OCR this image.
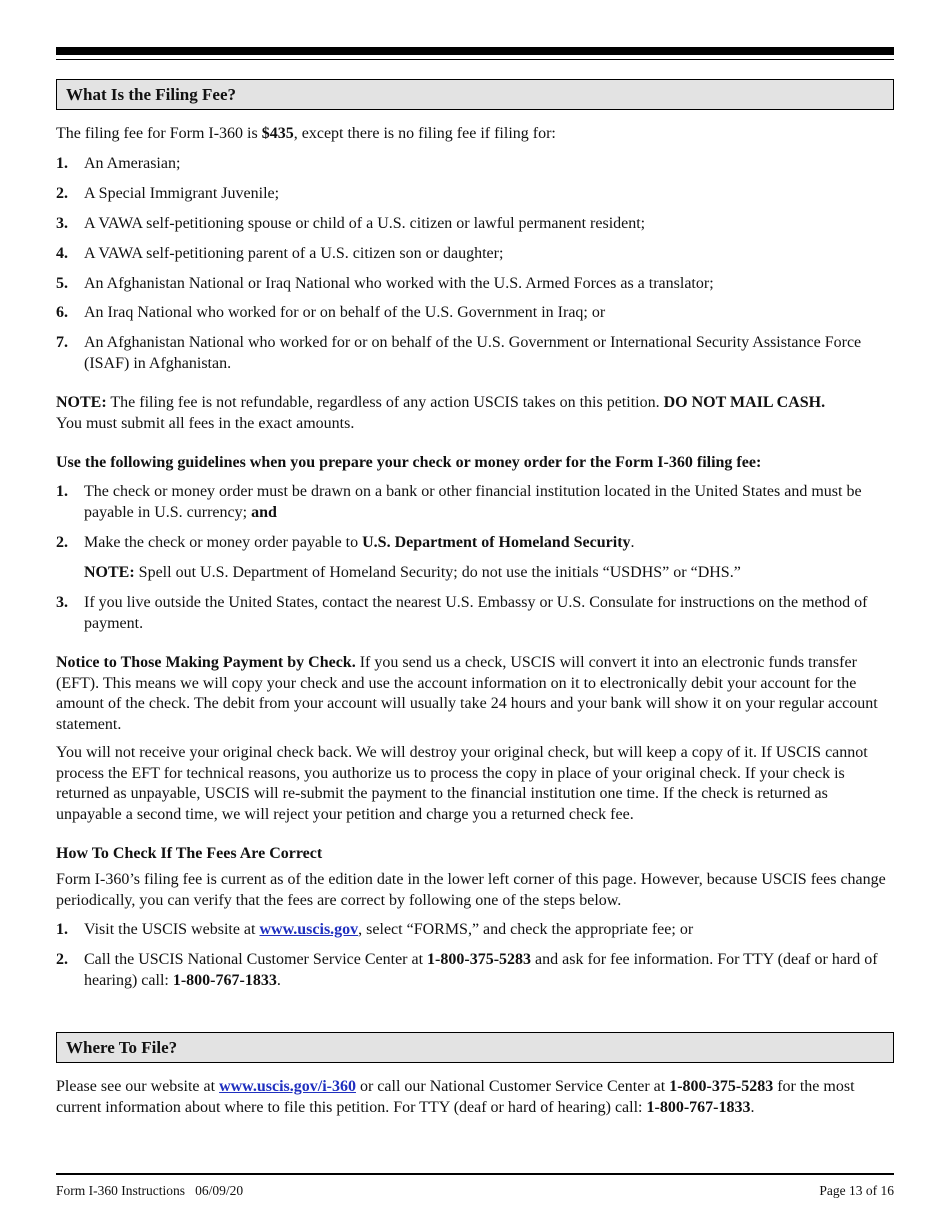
What Is the Filing Fee?

The filing fee for Form I-360 is $435, except there is no filing fee if filing for:

1. An Amerasian;
2. A Special Immigrant Juvenile;
3. A VAWA self-petitioning spouse or child of a U.S. citizen or lawful permanent resident;
4. A VAWA self-petitioning parent of a U.S. citizen son or daughter;
5. An Afghanistan National or Iraq National who worked with the U.S. Armed Forces as a translator;
6. An Iraq National who worked for or on behalf of the U.S. Government in Iraq; or
7. An Afghanistan National who worked for or on behalf of the U.S. Government or International Security Assistance Force (ISAF) in Afghanistan.

NOTE: The filing fee is not refundable, regardless of any action USCIS takes on this petition. DO NOT MAIL CASH.
You must submit all fees in the exact amounts.

Use the following guidelines when you prepare your check or money order for the Form I-360 filing fee:

1. The check or money order must be drawn on a bank or other financial institution located in the United States and must be payable in U.S. currency; and
2. Make the check or money order payable to U.S. Department of Homeland Security.
NOTE: Spell out U.S. Department of Homeland Security; do not use the initials “USDHS” or “DHS.”
3. If you live outside the United States, contact the nearest U.S. Embassy or U.S. Consulate for instructions on the method of payment.

Notice to Those Making Payment by Check. If you send us a check, USCIS will convert it into an electronic funds transfer (EFT). This means we will copy your check and use the account information on it to electronically debit your account for the amount of the check. The debit from your account will usually take 24 hours and your bank will show it on your regular account statement.

You will not receive your original check back. We will destroy your original check, but will keep a copy of it. If USCIS cannot process the EFT for technical reasons, you authorize us to process the copy in place of your original check. If your check is returned as unpayable, USCIS will re-submit the payment to the financial institution one time. If the check is returned as unpayable a second time, we will reject your petition and charge you a returned check fee.

How To Check If The Fees Are Correct

Form I-360’s filing fee is current as of the edition date in the lower left corner of this page. However, because USCIS fees change periodically, you can verify that the fees are correct by following one of the steps below.

1. Visit the USCIS website at www.uscis.gov, select “FORMS,” and check the appropriate fee; or
2. Call the USCIS National Customer Service Center at 1-800-375-5283 and ask for fee information. For TTY (deaf or hard of hearing) call: 1-800-767-1833.
Where To File?

Please see our website at www.uscis.gov/i-360 or call our National Customer Service Center at 1-800-375-5283 for the most current information about where to file this petition. For TTY (deaf or hard of hearing) call: 1-800-767-1833.

Form I-360 Instructions   06/09/20	Page 13 of 16
